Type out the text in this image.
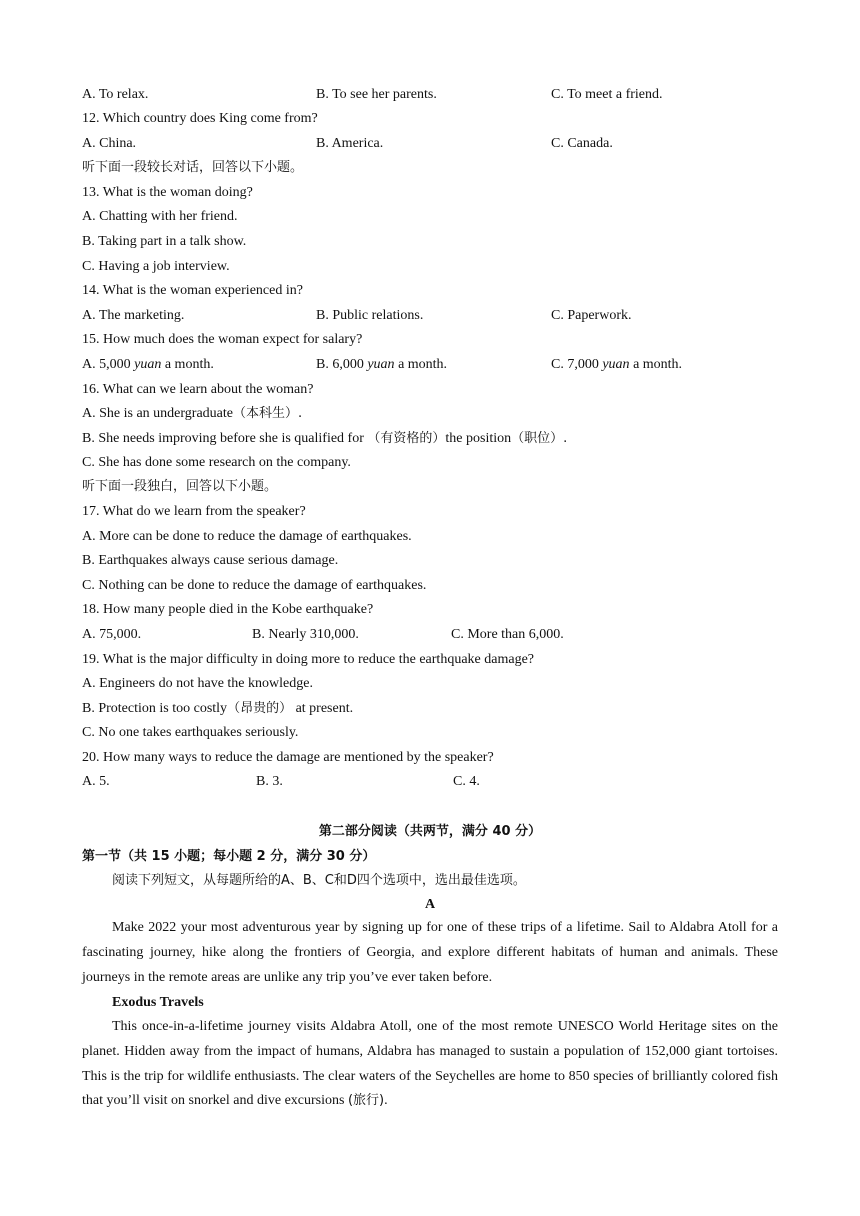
A. To relax.	B. To see her parents.	C. To meet a friend.
12. Which country does King come from?
A. China.	B. America.	C. Canada.
听下面一段较长对话，回答以下小题。
13. What is the woman doing?
A. Chatting with her friend.
B. Taking part in a talk show.
C. Having a job interview.
14. What is the woman experienced in?
A. The marketing.	B. Public relations.	C. Paperwork.
15. How much does the woman expect for salary?
A. 5,000 yuan a month.	B. 6,000 yuan a month.	C. 7,000 yuan a month.
16. What can we learn about the woman?
A. She is an undergraduate（本科生）.
B. She needs improving before she is qualified for （有资格的）the position（职位）.
C. She has done some research on the company.
听下面一段独白，回答以下小题。
17. What do we learn from the speaker?
A. More can be done to reduce the damage of earthquakes.
B. Earthquakes always cause serious damage.
C. Nothing can be done to reduce the damage of earthquakes.
18. How many people died in the Kobe earthquake?
A. 75,000.	B. Nearly 310,000.	C. More than 6,000.
19. What is the major difficulty in doing more to reduce the earthquake damage?
A. Engineers do not have the knowledge.
B. Protection is too costly（昂贵的） at present.
C. No one takes earthquakes seriously.
20. How many ways to reduce the damage are mentioned by the speaker?
A. 5.	B. 3.	C. 4.
第二部分阅读（共两节，满分 40 分）
第一节（共 15 小题；每小题 2 分，满分 30 分）
阅读下列短文，从每题所给的A、B、C和D四个选项中，选出最佳选项。
A
Make 2022 your most adventurous year by signing up for one of these trips of a lifetime. Sail to Aldabra Atoll for a fascinating journey, hike along the frontiers of Georgia, and explore different habitats of human and animals. These journeys in the remote areas are unlike any trip you’ve ever taken before.
Exodus Travels
This once-in-a-lifetime journey visits Aldabra Atoll, one of the most remote UNESCO World Heritage sites on the planet. Hidden away from the impact of humans, Aldabra has managed to sustain a population of 152,000 giant tortoises. This is the trip for wildlife enthusiasts. The clear waters of the Seychelles are home to 850 species of brilliantly colored fish that you’ll visit on snorkel and dive excursions (旅行).
